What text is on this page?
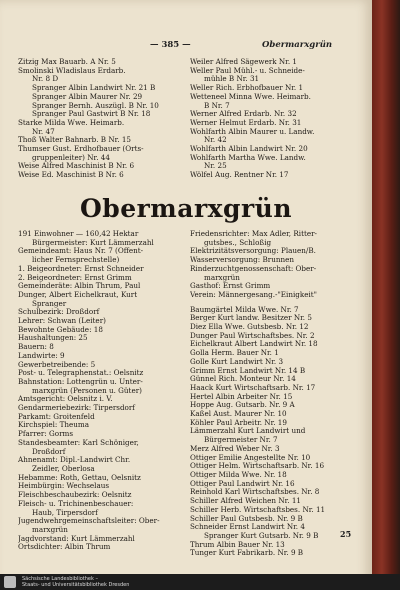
— 385 —	Obermarxgrün
Zitzig Max Bauarb. A Nr. 5
Smolinski Wladislaus Erdarb.
Nr. 8 D
Spranger Albin Landwirt Nr. 21 B
Spranger Albin Maurer Nr. 29
Spranger Bernh. Auszügl. B Nr. 10
Spranger Paul Gastwirt B Nr. 18
Starke Milda Wwe. Heimarb.
Nr. 47
Thoß Walter Bahnarb. B Nr. 15
Thumser Gust. Erdhofbauer (Orts-
gruppenleiter) Nr. 44
Weise Alfred Maschinist B Nr. 6
Weise Ed. Maschinist B Nr. 6
Weiler Alfred Sägewerk Nr. 1
Weller Paul Mühl.- u. Schneide-
mühle B Nr. 31
Weller Rich. Erbhofbauer Nr. 1
Wetteneel Minna Wwe. Heimarb.
B Nr. 7
Werner Alfred Erdarb. Nr. 32
Werner Helmut Erdarb. Nr. 31
Wohlfarth Albin Maurer u. Landw.
Nr. 42
Wohlfarth Albin Landwirt Nr. 20
Wohlfarth Martha Wwe. Landw.
Nr. 25
Wölfel Aug. Rentner Nr. 17
Obermarxgrün
191 Einwohner — 160,42 Hektar
Bürgermeister: Kurt Lämmerzahl
Gemeindeamt: Haus Nr. 7 (Öffent-
licher Fernsprechstelle)
1. Beigeordneter: Ernst Schneider
2. Beigeordneter: Ernst Grimm
Gemeinderäte: Albin Thrum, Paul
Dunger, Albert Eichelkraut, Kurt
Spranger
Schulbezirk: Droßdorf
Lehrer: Schwan (Leiter)
Bewohnte Gebäude: 18
Haushaltungen: 25
Bauern: 8
Landwirte: 9
Gewerbetreibende: 5
Post- u. Telegraphenstat.: Oelsnitz
Bahnstation: Lottengrün u. Unter-
marxgrün (Personen u. Güter)
Amtsgericht: Oelsnitz i. V.
Gendarmeriebezirk: Tirpersdorf
Parkamt: Groitenfeld
Kirchspiel: Theuma
Pfarrer: Gorms
Standesbeamter: Karl Schöniger,
Droßdorf
Ahnenamt: Dipl.-Landwirt Chr.
Zeidler, Oberlosa
Hebamme: Roth, Gettau, Oelsnitz
Heimbürgin: Wechselaus
Fleischbeschaubezirk: Oelsnitz
Fleisch- u. Trichinenbeschauer:
Haub, Tirpersdorf
Jugendwehrgemeinschaftsleiter: Ober-
marxgrün
Jagdvorstand: Kurt Lämmerzahl
Ortsdichter: Albin Thrum
Friedensrichter: Max Adler, Ritter-
gutsbes., Schloßig
Elektrizitätsversorgung: Plauen/B.
Wasserversorgung: Brunnen
Rinderzuchtgenossenschaft: Ober-
marxgrün
Gasthof: Ernst Grimm
Verein: Männergesang.-"Einigkeit"
Baumgärtel Milda Wwe. Nr. 7
Berger Kurt landw. Besitzer Nr. 5
Diez Ella Wwe. Gutsbesb. Nr. 12
Dunger Paul Wirtschaftsbes. Nr. 2
Eichelkraut Albert Landwirt Nr. 18
Golla Herm. Bauer Nr. 1
Golle Kurt Landwirt Nr. 3
Grimm Ernst Landwirt Nr. 14 B
Günnel Rich. Monteur Nr. 14
Haack Kurt Wirtschaftsarb. Nr. 17
Hertel Albin Arbeiter Nr. 15
Hoppe Aug. Gutsarb. Nr. 9 A
Kaßel Aust. Maurer Nr. 10
Köhler Paul Arbeitr. Nr. 19
Lämmerzahl Kurt Landwirt und
Bürgermeister Nr. 7
Merz Alfred Weber Nr. 3
Ottiger Emilie Angestellte Nr. 10
Ottiger Helm. Wirtschaftsarb. Nr. 16
Ottiger Milda Wwe. Nr. 18
Ottiger Paul Landwirt Nr. 16
Reinhold Karl Wirtschaftsbes. Nr. 8
Schiller Alfred Weichen Nr. 11
Schiller Herb. Wirtschaftsbes. Nr. 11
Schiller Paul Gutsbesb. Nr. 9 B
Schneider Ernst Landwirt Nr. 4
Spranger Kurt Gutsarb. Nr. 9 B
Thrum Albin Bauer Nr. 13
Tunger Kurt Fabrikarb. Nr. 9 B
25
Sächsische Landesbibliothek –
Staats- und Universitätsbibliothek Dresden
